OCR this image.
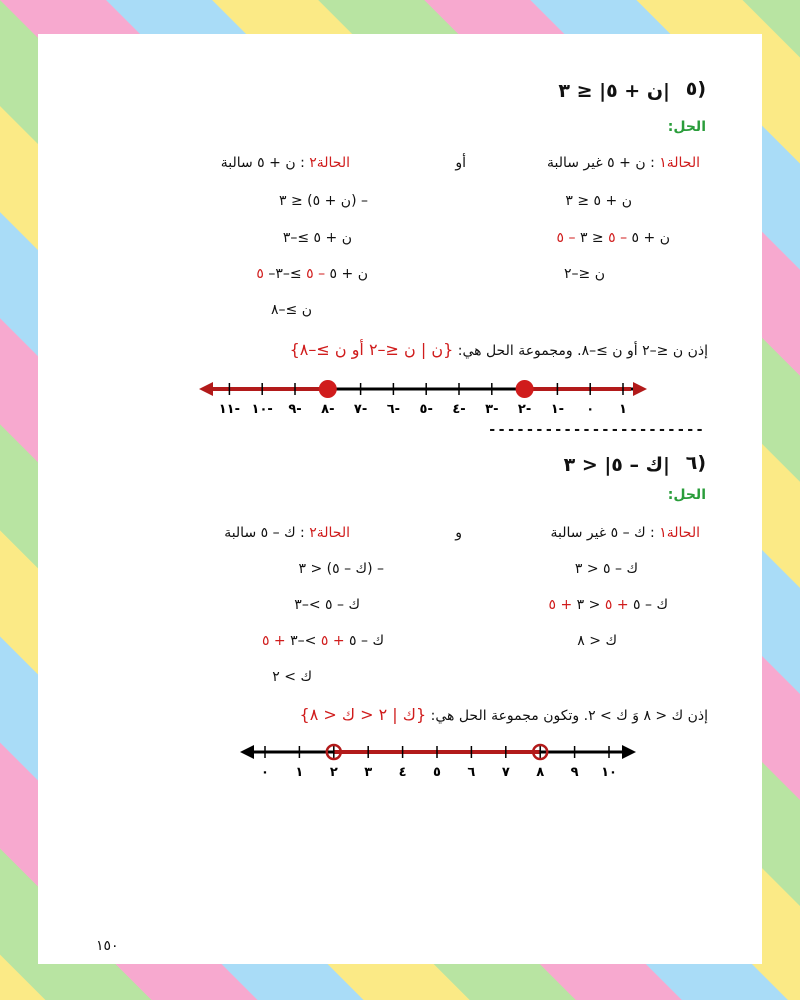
٥)
|ن + ٥| ≤ ٣
الحل:
الحالة١ : ن + ٥ غير سالبة
أو
الحالة٢ : ن + ٥ سالبة
ن + ٥ ≤ ٣
ن + ٥ – ٥ ≤ ٣ – ٥
ن ≤–٢
– (ن + ٥) ≤ ٣
ن + ٥ ≥–٣
ن + ٥ – ٥ ≥–٣– ٥
ن ≥–٨
إذن ن ≤–٢ أو ن ≥–٨. ومجموعة الحل هي: {ن | ن ≤–٢ أو ن ≥–٨}
١
٠
١-
٢-
٣-
٤-
٥-
٦-
٧-
٨-
٩-
١٠-
١١-
-----------------------
٦)
|ك – ٥| < ٣
الحل:
الحالة١ : ك – ٥ غير سالبة
و
الحالة٢ : ك – ٥ سالبة
ك – ٥ < ٣
ك – ٥ + ٥ < ٣ + ٥
ك < ٨
– (ك – ٥) < ٣
ك – ٥ >–٣
ك – ٥ + ٥ >–٣ + ٥
ك > ٢
إذن ك < ٨ وَ ك > ٢. وتكون مجموعة الحل هي: {ك | ٢ < ك < ٨}
٠ ١ ٢ ٣ ٤ ٥ ٦ ٧ ٨ ٩ ١٠
١٥٠
